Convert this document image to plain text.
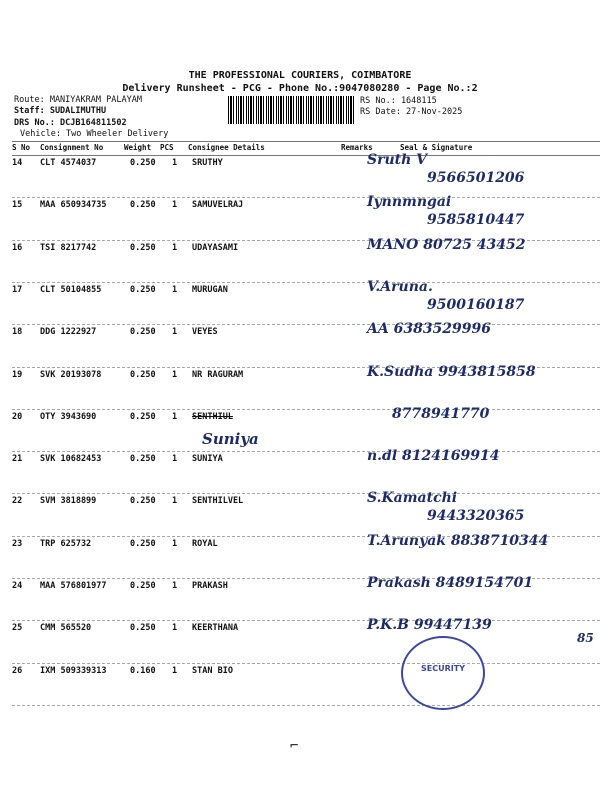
THE PROFESSIONAL COURIERS, COIMBATORE
Delivery Runsheet - PCG - Phone No.:9047080280 - Page No.:2
Route: MANIYAKRAM PALAYAM
Staff: SUDALIMUTHU
DRS No.: DCJB164811502
Vehicle: Two Wheeler Delivery
RS No.: 1648115
RS Date: 27-Nov-2025
S No Consignment No	Weight PCS Consignee Details	Remarks	Seal & Signature
14 CLT 4574037	0.250 1 SRUTHY	Sruth V
9566501206
15 MAA 650934735	0.250 1 SAMUVELRAJ	Iynnmngai
9585810447
16 TSI 8217742	0.250 1 UDAYASAMI	MANO 80725 43452
17 CLT 50104855	0.250 1 MURUGAN	V.Aruna.
9500160187
18 DDG 1222927	0.250 1 VEYES	AA 6383529996
19 SVK 20193078	0.250 1 NR RAGURAM	K.Sudha 9943815858
20 OTY 3943690	0.250 1 SENTHIUL	8778941770
Suniya
21 SVK 10682453	0.250 1 SUNIYA	n.dl 8124169914
22 SVM 3818899	0.250 1 SENTHILVEL	S.Kamatchi
9443320365
23 TRP 625732	0.250 1 ROYAL	T.Arunyak 8838710344
24 MAA 576801977	0.250 1 PRAKASH	Prakash 8489154701
25 CMM 565520	0.250 1 KEERTHANA	P.K.B 99447139
85
26 IXM 509339313	0.160 1 STAN BIO	SECURITY
⌐
